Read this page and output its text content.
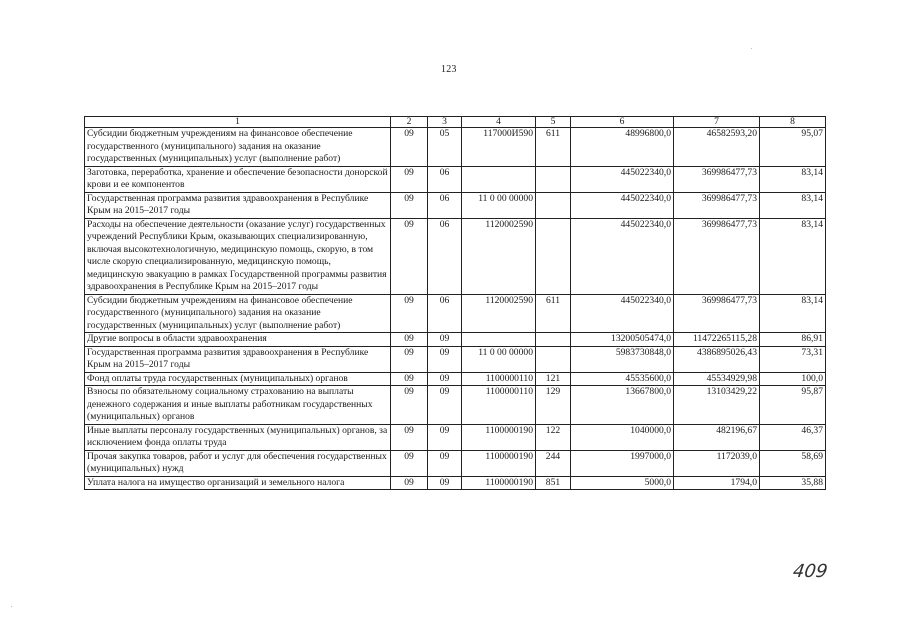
123
1	2	3	4	5	6	7	8
Субсидии бюджетным учреждениям на финансовое обеспечение государственного (муниципального) задания на оказание государственных (муниципальных) услуг (выполнение работ)	09	05	117000И590	611	48996800,0	46582593,20	95,07
Заготовка, переработка, хранение и обеспечение безопасности донорской крови и ее компонентов	09	06			445022340,0	369986477,73	83,14
Государственная программа развития здравоохранения в Республике Крым на 2015–2017 годы	09	06	11 0 00 00000		445022340,0	369986477,73	83,14
Расходы на обеспечение деятельности (оказание услуг) государственных учреждений Республики Крым, оказывающих специализированную, включая высокотехнологичную, медицинскую помощь, скорую, в том числе скорую специализированную, медицинскую помощь, медицинскую эвакуацию в рамках Государственной программы развития здравоохранения в Республике Крым на 2015–2017 годы	09	06	1120002590		445022340,0	369986477,73	83,14
Субсидии бюджетным учреждениям на финансовое обеспечение государственного (муниципального) задания на оказание государственных (муниципальных) услуг (выполнение работ)	09	06	1120002590	611	445022340,0	369986477,73	83,14
Другие вопросы в области здравоохранения	09	09			13200505474,0	11472265115,28	86,91
Государственная программа развития здравоохранения в Республике Крым на 2015–2017 годы	09	09	11 0 00 00000		5983730848,0	4386895026,43	73,31
Фонд оплаты труда государственных (муниципальных) органов	09	09	1100000110	121	45535600,0	45534929,98	100,0
Взносы по обязательному социальному страхованию на выплаты денежного содержания и иные выплаты работникам государственных (муниципальных) органов	09	09	1100000110	129	13667800,0	13103429,22	95,87
Иные выплаты персоналу государственных (муниципальных) органов, за исключением фонда оплаты труда	09	09	1100000190	122	1040000,0	482196,67	46,37
Прочая закупка товаров, работ и услуг для обеспечения государственных (муниципальных) нужд	09	09	1100000190	244	1997000,0	1172039,0	58,69
Уплата налога на имущество организаций и земельного налога	09	09	1100000190	851	5000,0	1794,0	35,88
409
